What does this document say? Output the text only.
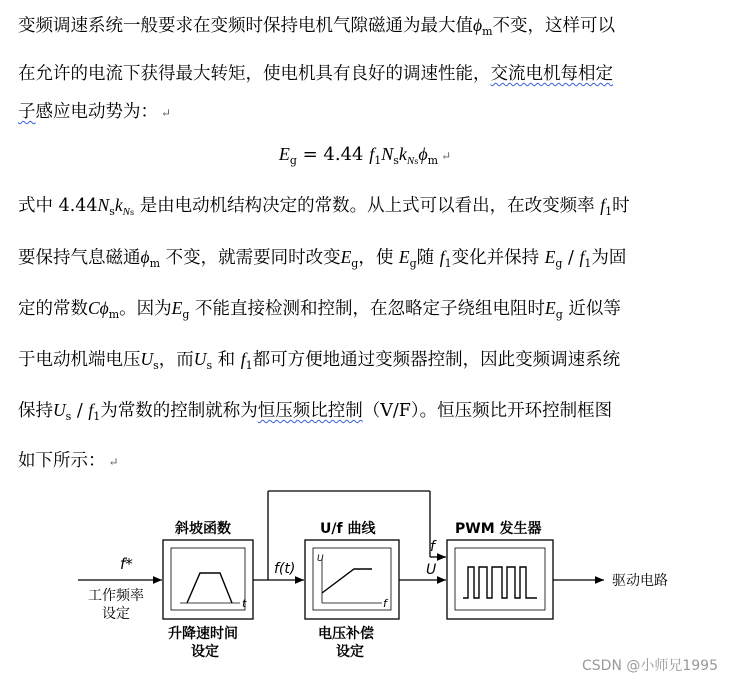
变频调速系统一般要求在变频时保持电机气隙磁通为最大值$\phi_m$不变，这样可以
在允许的电流下获得最大转矩，使电机具有良好的调速性能，交流电机每相定
子感应电动势为： ↵
$E_g = 4.44$ $f_1N_sk_{Ns}\phi_m$ ↵
式中 $4.44N_sk_{Ns}$ 是由电动机结构决定的常数。从上式可以看出，在改变频率 $f_1$时
要保持气息磁通$\phi_m$ 不变，就需要同时改变$E_g$，使 $E_g$随 $f_1$变化并保持 $E_g / f_1$为固
定的常数$C\phi_m$。因为$E_g$ 不能直接检测和控制，在忽略定子绕组电阻时$E_g$ 近似等
于电动机端电压$U_s$，而$U_s$ 和 $f_1$都可方便地通过变频器控制，因此变频调速系统
保持$U_s / f_1$为常数的控制就称为恒压频比控制（V/F）。恒压频比开环控制框图
如下所示： ↵
f*
工作频率
设定
斜坡函数
t
升降速时间
设定
f(t)
U/f 曲线
U
f
电压补偿
设定
f
U
PWM 发生器
驱动电路
CSDN @小师兄1995
